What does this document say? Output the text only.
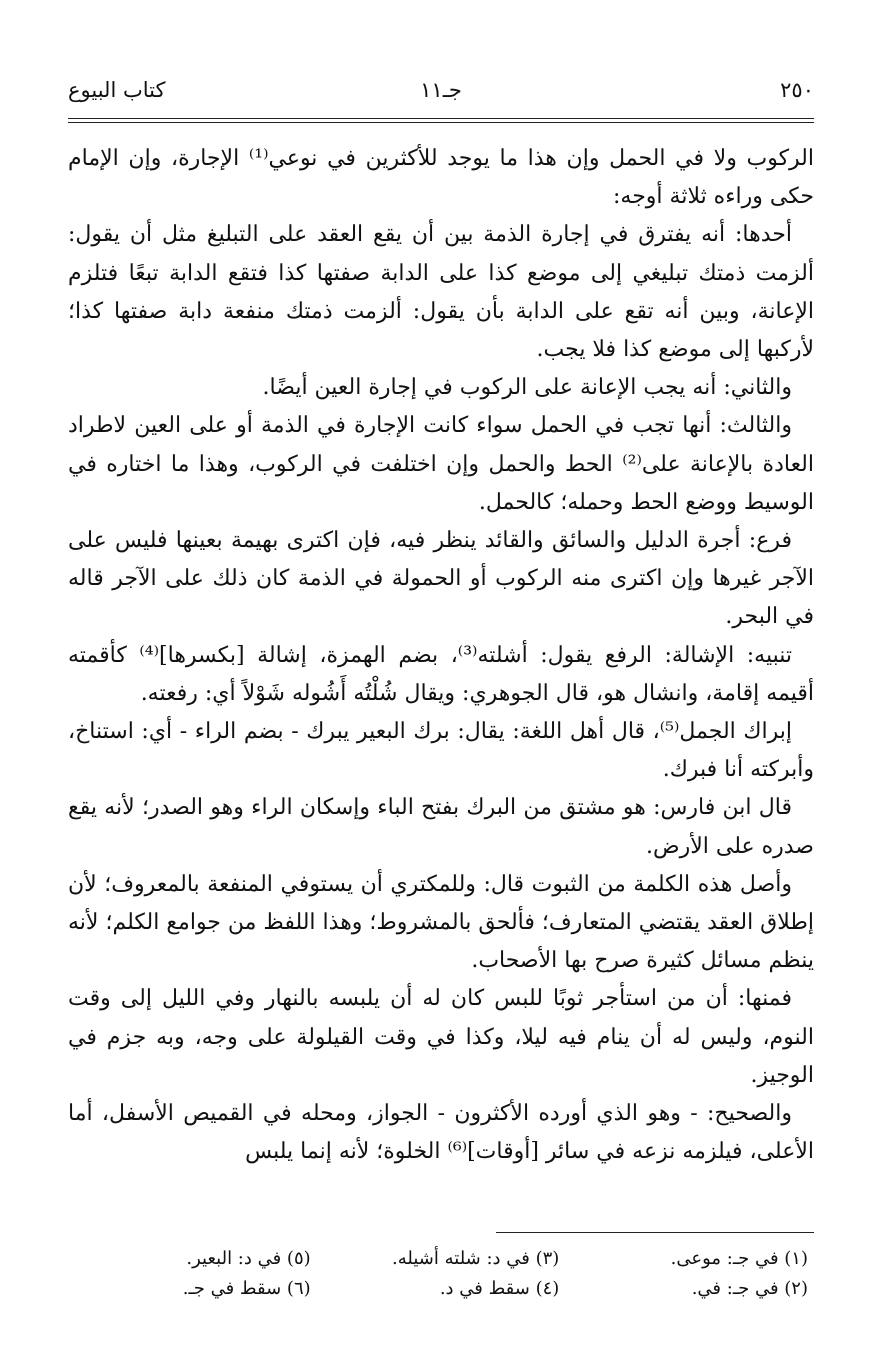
٢٥٠
جـ١١
كتاب البيوع

الركوب ولا في الحمل وإن هذا ما يوجد للأكثرين في نوعي⁽¹⁾ الإجارة، وإن الإمام حكى وراءه ثلاثة أوجه:

أحدها: أنه يفترق في إجارة الذمة بين أن يقع العقد على التبليغ مثل أن يقول: ألزمت ذمتك تبليغي إلى موضع كذا على الدابة صفتها كذا فتقع الدابة تبعًا فتلزم الإعانة، وبين أنه تقع على الدابة بأن يقول: ألزمت ذمتك منفعة دابة صفتها كذا؛ لأركبها إلى موضع كذا فلا يجب.

والثاني: أنه يجب الإعانة على الركوب في إجارة العين أيضًا.

والثالث: أنها تجب في الحمل سواء كانت الإجارة في الذمة أو على العين لاطراد العادة بالإعانة على⁽²⁾ الحط والحمل وإن اختلفت في الركوب، وهذا ما اختاره في الوسيط ووضع الحط وحمله؛ كالحمل.

فرع: أجرة الدليل والسائق والقائد ينظر فيه، فإن اكترى بهيمة بعينها فليس على الآجر غيرها وإن اكترى منه الركوب أو الحمولة في الذمة كان ذلك على الآجر قاله في البحر.

تنبيه: الإشالة: الرفع يقول: أشلته⁽³⁾، بضم الهمزة، إشالة [بكسرها]⁽⁴⁾ كأقمته أقيمه إقامة، وانشال هو، قال الجوهري: ويقال شُلْتُه أَشُوله شَوْلاً أي: رفعته.

إبراك الجمل⁽⁵⁾، قال أهل اللغة: يقال: برك البعير يبرك - بضم الراء - أي: استناخ، وأبركته أنا فبرك.

قال ابن فارس: هو مشتق من البرك بفتح الباء وإسكان الراء وهو الصدر؛ لأنه يقع صدره على الأرض.

وأصل هذه الكلمة من الثبوت قال: وللمكتري أن يستوفي المنفعة بالمعروف؛ لأن إطلاق العقد يقتضي المتعارف؛ فألحق بالمشروط؛ وهذا اللفظ من جوامع الكلم؛ لأنه ينظم مسائل كثيرة صرح بها الأصحاب.

فمنها: أن من استأجر ثوبًا للبس كان له أن يلبسه بالنهار وفي الليل إلى وقت النوم، وليس له أن ينام فيه ليلا، وكذا في وقت القيلولة على وجه، وبه جزم في الوجيز.

والصحيح: - وهو الذي أورده الأكثرون - الجواز، ومحله في القميص الأسفل، أما الأعلى، فيلزمه نزعه في سائر [أوقات]⁽⁶⁾ الخلوة؛ لأنه إنما يلبس

(١) في جـ: موعى.
(٣) في د: شلته أشيله.
(٥) في د: البعير.
(٢) في جـ: في.
(٤) سقط في د.
(٦) سقط في جـ.
